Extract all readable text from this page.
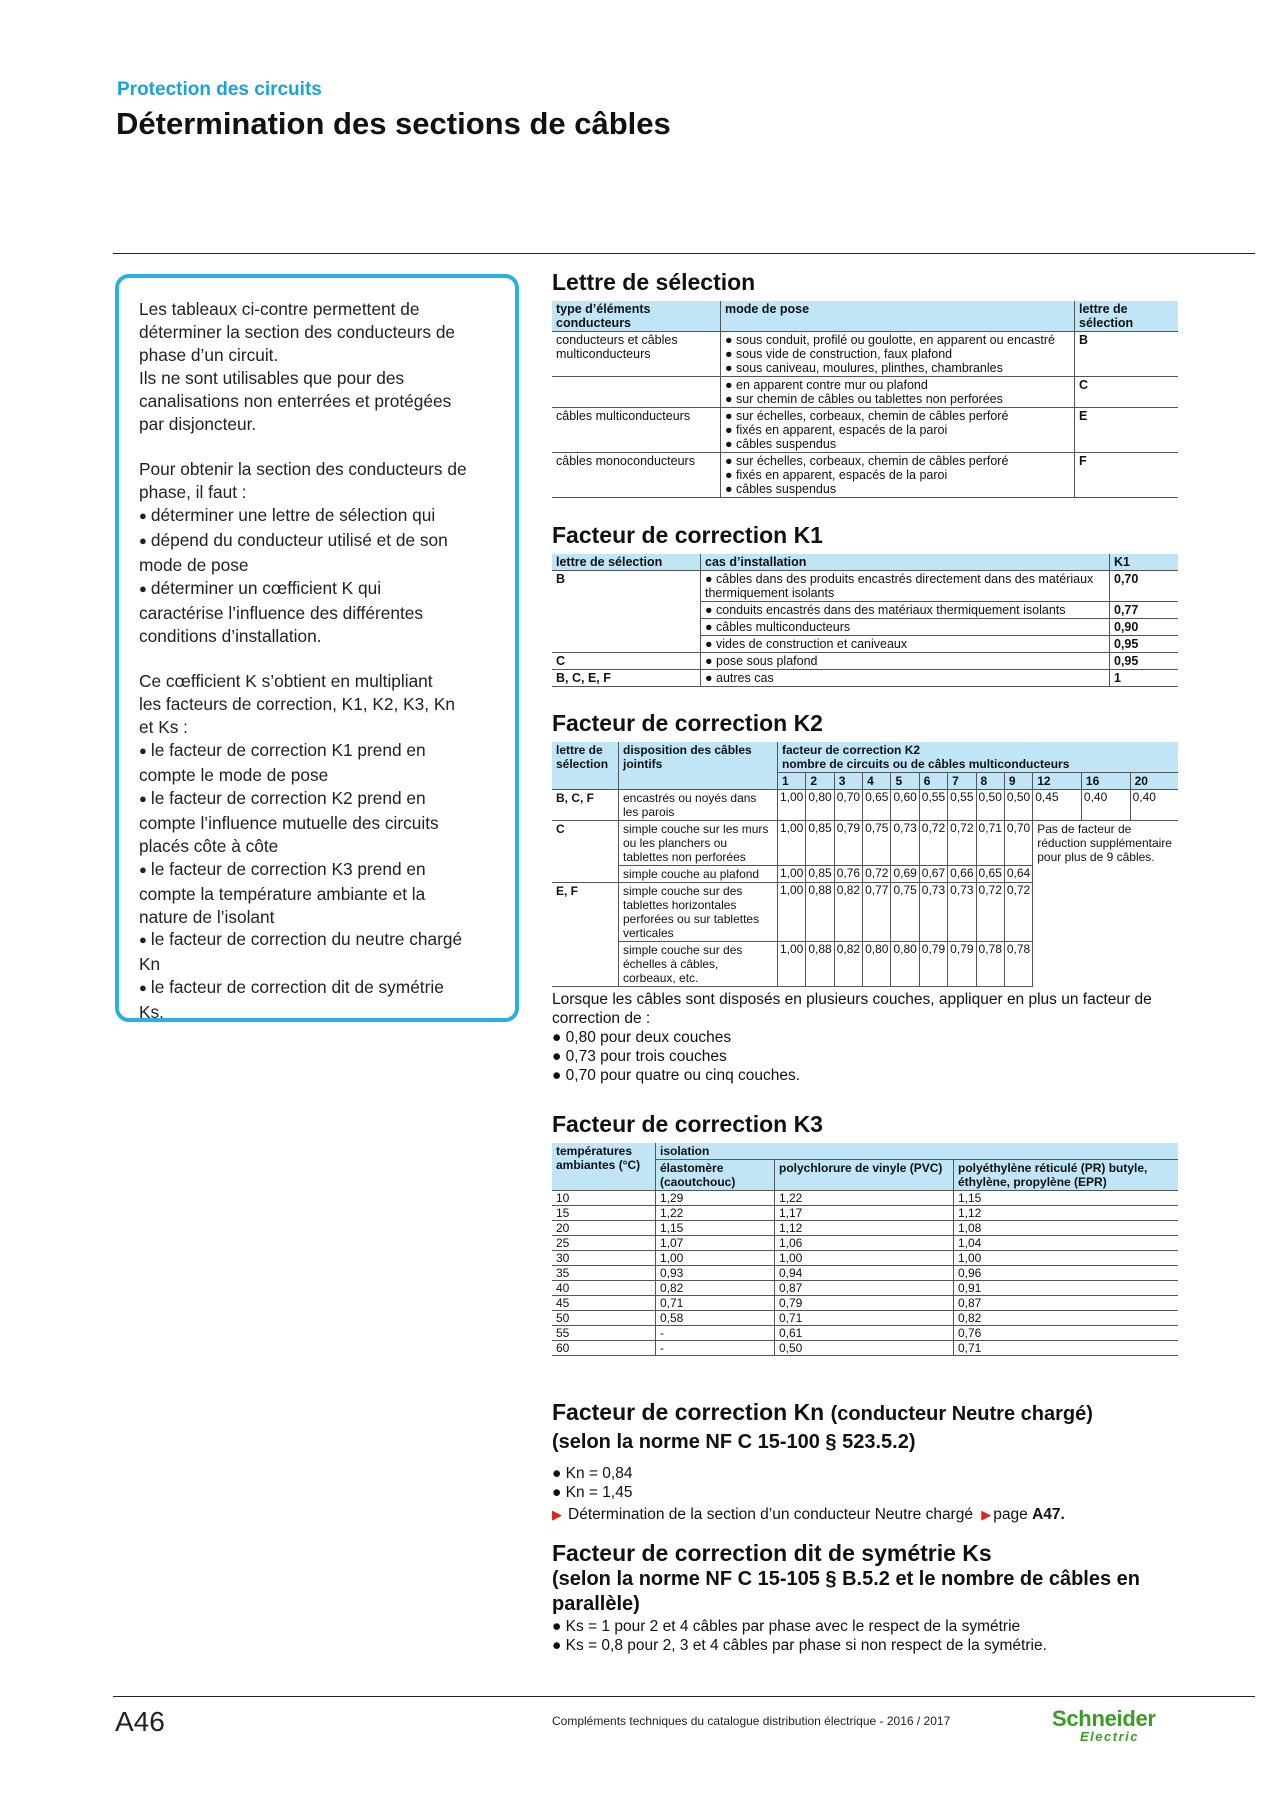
Protection des circuits
Détermination des sections de câbles

Les tableaux ci-contre permettent de

déterminer la section des conducteurs de

phase d’un circuit.

Ils ne sont utilisables que pour des

canalisations non enterrées et protégées

par disjoncteur.

Pour obtenir la section des conducteurs de

phase, il faut :

● déterminer une lettre de sélection qui

● dépend du conducteur utilisé et de son

mode de pose

● déterminer un cœfficient K qui

caractérise l’influence des différentes

conditions d’installation.

Ce cœfficient K s’obtient en multipliant

les facteurs de correction, K1, K2, K3, Kn

et Ks :

● le facteur de correction K1 prend en

compte le mode de pose

● le facteur de correction K2 prend en

compte l’influence mutuelle des circuits

placés côte à côte

● le facteur de correction K3 prend en

compte la température ambiante et la

nature de l’isolant

● le facteur de correction du neutre chargé

Kn

● le facteur de correction dit de symétrie

Ks.

Lettre de sélection
type d’éléments conducteurs	mode de pose	lettre de sélection
conducteurs et câbles multiconducteurs	● sous conduit, profilé ou goulotte, en apparent ou encastré
● sous vide de construction, faux plafond
● sous caniveau, moulures, plinthes, chambranles	B

	● en apparent contre mur ou plafond
● sur chemin de câbles ou tablettes non perforées	C
câbles multiconducteurs	● sur échelles, corbeaux, chemin de câbles perforé
● fixés en apparent, espacés de la paroi
● câbles suspendus	E
câbles monoconducteurs	● sur échelles, corbeaux, chemin de câbles perforé
● fixés en apparent, espacés de la paroi
● câbles suspendus	F
Facteur de correction K1
lettre de sélection	cas d’installation	K1
B	● câbles dans des produits encastrés directement dans des matériaux thermiquement isolants	0,70
	● conduits encastrés dans des matériaux thermiquement isolants	0,77
	● câbles multiconducteurs	0,90
	● vides de construction et caniveaux	0,95
C	● pose sous plafond	0,95
B, C, E, F	● autres cas	1
Facteur de correction K2
lettre de sélection	disposition des câbles jointifs	facteur de correction K2											
		nombre de circuits ou de câbles multiconducteurs											
		1	2	3	4	5	6	7	8	9	12	16	20
B, C, F	encastrés ou noyés dans les parois	1,00	0,80	0,70	0,65	0,60	0,55	0,55	0,50	0,50	0,45	0,40	0,40
C	simple couche sur les murs ou les planchers ou tablettes non perforées	1,00	0,85	0,79	0,75	0,73	0,72	0,72	0,71	0,70	Pas de facteur de réduction supplémentaire pour plus de 9 câbles.		
	simple couche au plafond	1,00	0,85	0,76	0,72	0,69	0,67	0,66	0,65	0,64			
E, F	simple couche sur des tablettes horizontales perforées ou sur tablettes verticales	1,00	0,88	0,82	0,77	0,75	0,73	0,73	0,72	0,72			
	simple couche sur des échelles à câbles, corbeaux, etc.	1,00	0,88	0,82	0,80	0,80	0,79	0,79	0,78	0,78			

Lorsque les câbles sont disposés en plusieurs couches, appliquer en plus un facteur de correction de :

● 0,80 pour deux couches

● 0,73 pour trois couches

● 0,70 pour quatre ou cinq couches.

Facteur de correction K3
températures ambiantes (°C)	isolation		
	élastomère (caoutchouc)	polychlorure de vinyle (PVC)	polyéthylène réticulé (PR) butyle, éthylène, propylène (EPR)
10	1,29	1,22	1,15
15	1,22	1,17	1,12
20	1,15	1,12	1,08
25	1,07	1,06	1,04
30	1,00	1,00	1,00
35	0,93	0,94	0,96
40	0,82	0,87	0,91
45	0,71	0,79	0,87
50	0,58	0,71	0,82
55	-	0,61	0,76
60	-	0,50	0,71
Facteur de correction Kn (conducteur Neutre chargé)
(selon la norme NF C 15-100 § 523.5.2)

● Kn = 0,84

● Kn = 1,45

▶ Détermination de la section d’un conducteur Neutre chargé ▶ page A47.

Facteur de correction dit de symétrie Ks
(selon la norme NF C 15-105 § B.5.2 et le nombre de câbles en parallèle)

● Ks = 1 pour 2 et 4 câbles par phase avec le respect de la symétrie

● Ks = 0,8 pour 2, 3 et 4 câbles par phase si non respect de la symétrie.

A46	Compléments techniques du catalogue distribution électrique - 2016 / 2017	Schneider
Electric
